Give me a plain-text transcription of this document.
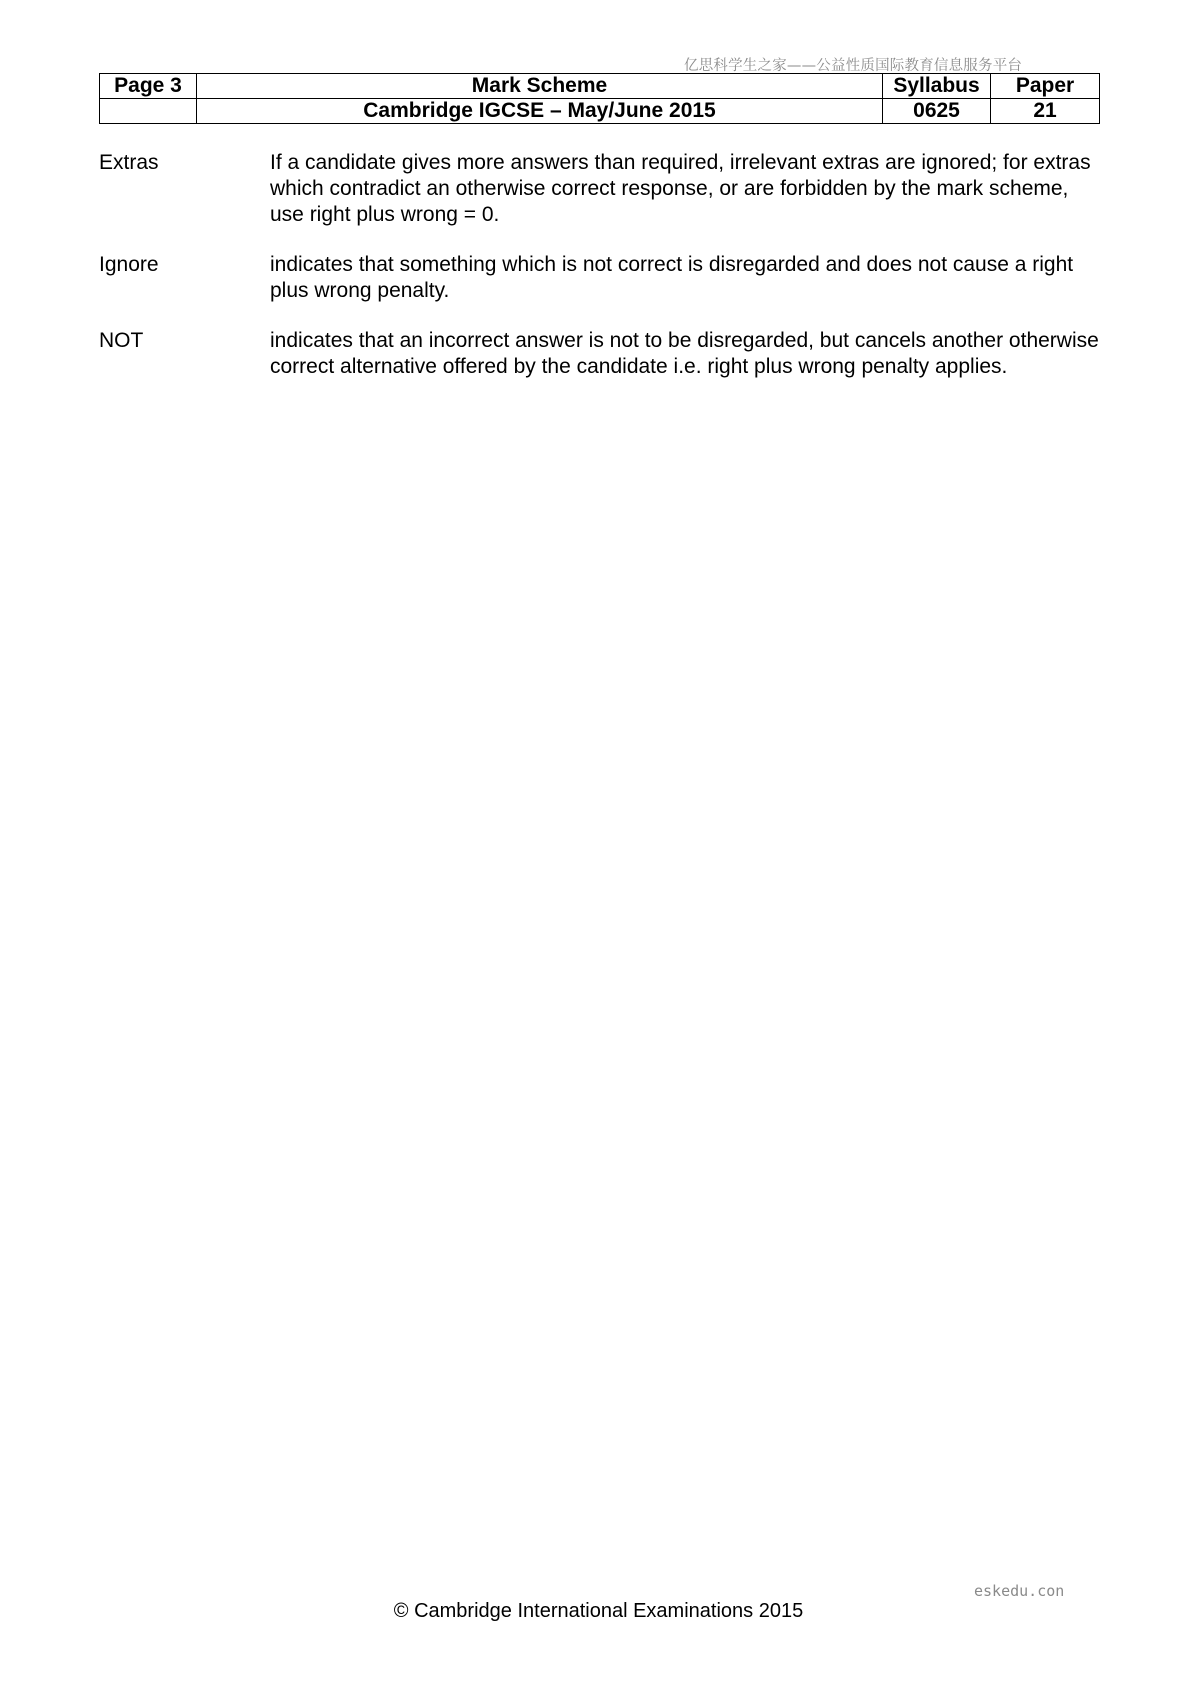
亿思科学生之家——公益性质国际教育信息服务平台
Page 3	Mark Scheme	Syllabus	Paper
	Cambridge IGCSE – May/June 2015	0625	21
Extras	If a candidate gives more answers than required, irrelevant extras are ignored; for extras which contradict an otherwise correct response, or are forbidden by the mark scheme, use right plus wrong = 0.
Ignore	indicates that something which is not correct is disregarded and does not cause a right plus wrong penalty.
NOT	indicates that an incorrect answer is not to be disregarded, but cancels another otherwise correct alternative offered by the candidate i.e. right plus wrong penalty applies.
eskedu.con
© Cambridge International Examinations 2015
